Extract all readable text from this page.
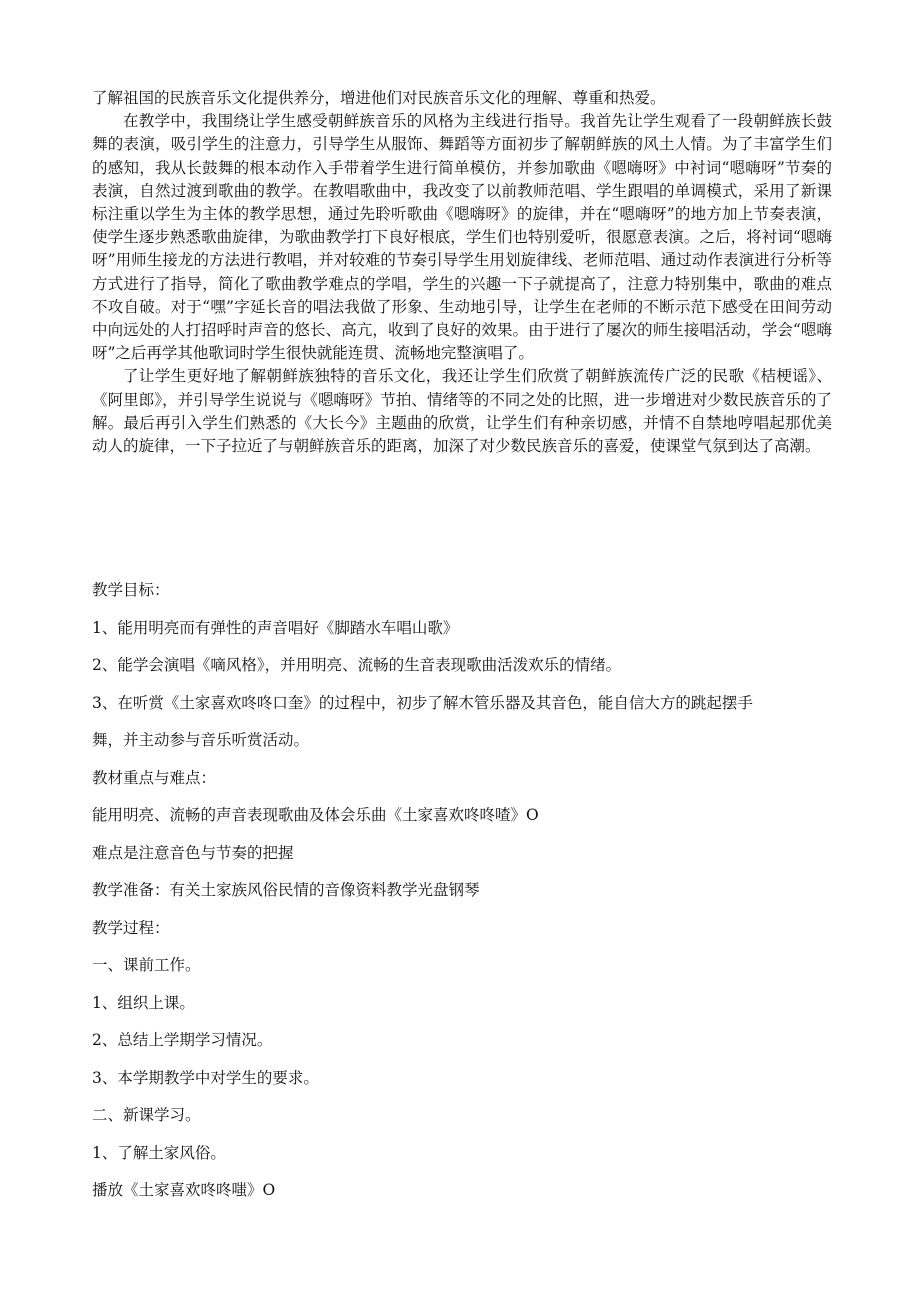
了解祖国的民族音乐文化提供养分，增进他们对民族音乐文化的理解、尊重和热爱。

在教学中，我围绕让学生感受朝鲜族音乐的风格为主线进行指导。我首先让学生观看了一段朝鲜族长鼓舞的表演，吸引学生的注意力，引导学生从服饰、舞蹈等方面初步了解朝鲜族的风土人情。为了丰富学生们的感知，我从长鼓舞的根本动作入手带着学生进行简单模仿，并参加歌曲《嗯嗨呀》中衬词“嗯嗨呀”节奏的表演，自然过渡到歌曲的教学。在教唱歌曲中，我改变了以前教师范唱、学生跟唱的单调模式，采用了新课标注重以学生为主体的教学思想，通过先聆听歌曲《嗯嗨呀》的旋律，并在“嗯嗨呀”的地方加上节奏表演，使学生逐步熟悉歌曲旋律，为歌曲教学打下良好根底，学生们也特别爱听，很愿意表演。之后，将衬词“嗯嗨呀”用师生接龙的方法进行教唱，并对较难的节奏引导学生用划旋律线、老师范唱、通过动作表演进行分析等方式进行了指导，简化了歌曲教学难点的学唱，学生的兴趣一下子就提高了，注意力特别集中，歌曲的难点不攻自破。对于“嘿”字延长音的唱法我做了形象、生动地引导，让学生在老师的不断示范下感受在田间劳动中向远处的人打招呼时声音的悠长、高亢，收到了良好的效果。由于进行了屡次的师生接唱活动，学会“嗯嗨呀”之后再学其他歌词时学生很快就能连贯、流畅地完整演唱了。

了让学生更好地了解朝鲜族独特的音乐文化，我还让学生们欣赏了朝鲜族流传广泛的民歌《桔梗谣》、《阿里郎》，并引导学生说说与《嗯嗨呀》节拍、情绪等的不同之处的比照，进一步增进对少数民族音乐的了解。最后再引入学生们熟悉的《大长今》主题曲的欣赏，让学生们有种亲切感，并情不自禁地哼唱起那优美动人的旋律，一下子拉近了与朝鲜族音乐的距离，加深了对少数民族音乐的喜爱，使课堂气氛到达了高潮。

教学目标：
1、能用明亮而有弹性的声音唱好《脚踏水车唱山歌》
2、能学会演唱《嘀风格》，并用明亮、流畅的生音表现歌曲活泼欢乐的情绪。
3、在听赏《土家喜欢咚咚口奎》的过程中，初步了解木管乐器及其音色，能自信大方的跳起摆手
舞，并主动参与音乐听赏活动。
教材重点与难点：
能用明亮、流畅的声音表现歌曲及体会乐曲《土家喜欢咚咚喳》O
难点是注意音色与节奏的把握
教学准备：有关土家族风俗民情的音像资料教学光盘钢琴
教学过程：
一、课前工作。
1、组织上课。
2、总结上学期学习情况。
3、本学期教学中对学生的要求。
二、新课学习。
1、了解土家风俗。
播放《土家喜欢咚咚嗤》O
